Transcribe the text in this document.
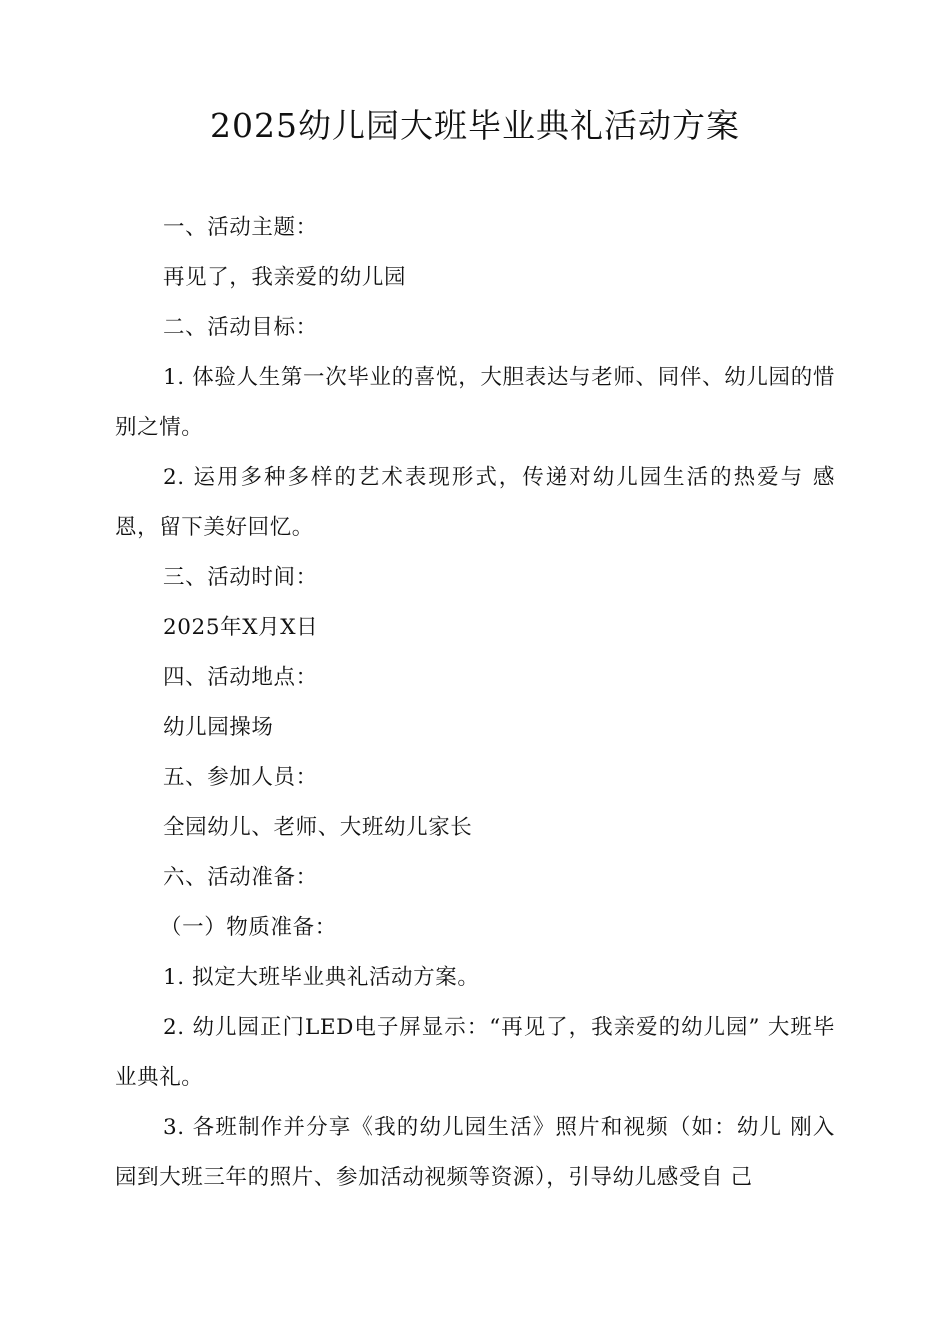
2025幼儿园大班毕业典礼活动方案

一、活动主题：

再见了，我亲爱的幼儿园

二、活动目标：

1. 体验人生第一次毕业的喜悦，大胆表达与老师、同伴、幼儿园的惜别之情。

2. 运用多种多样的艺术表现形式，传递对幼儿园生活的热爱与 感恩，留下美好回忆。

三、活动时间：

2025年X月X日

四、活动地点：

幼儿园操场

五、参加人员：

全园幼儿、老师、大班幼儿家长

六、活动准备：

（一）物质准备：

1. 拟定大班毕业典礼活动方案。

2. 幼儿园正门LED电子屏显示：“再见了，我亲爱的幼儿园” 大班毕业典礼。

3. 各班制作并分享《我的幼儿园生活》照片和视频（如：幼儿 刚入园到大班三年的照片、参加活动视频等资源），引导幼儿感受自 己
